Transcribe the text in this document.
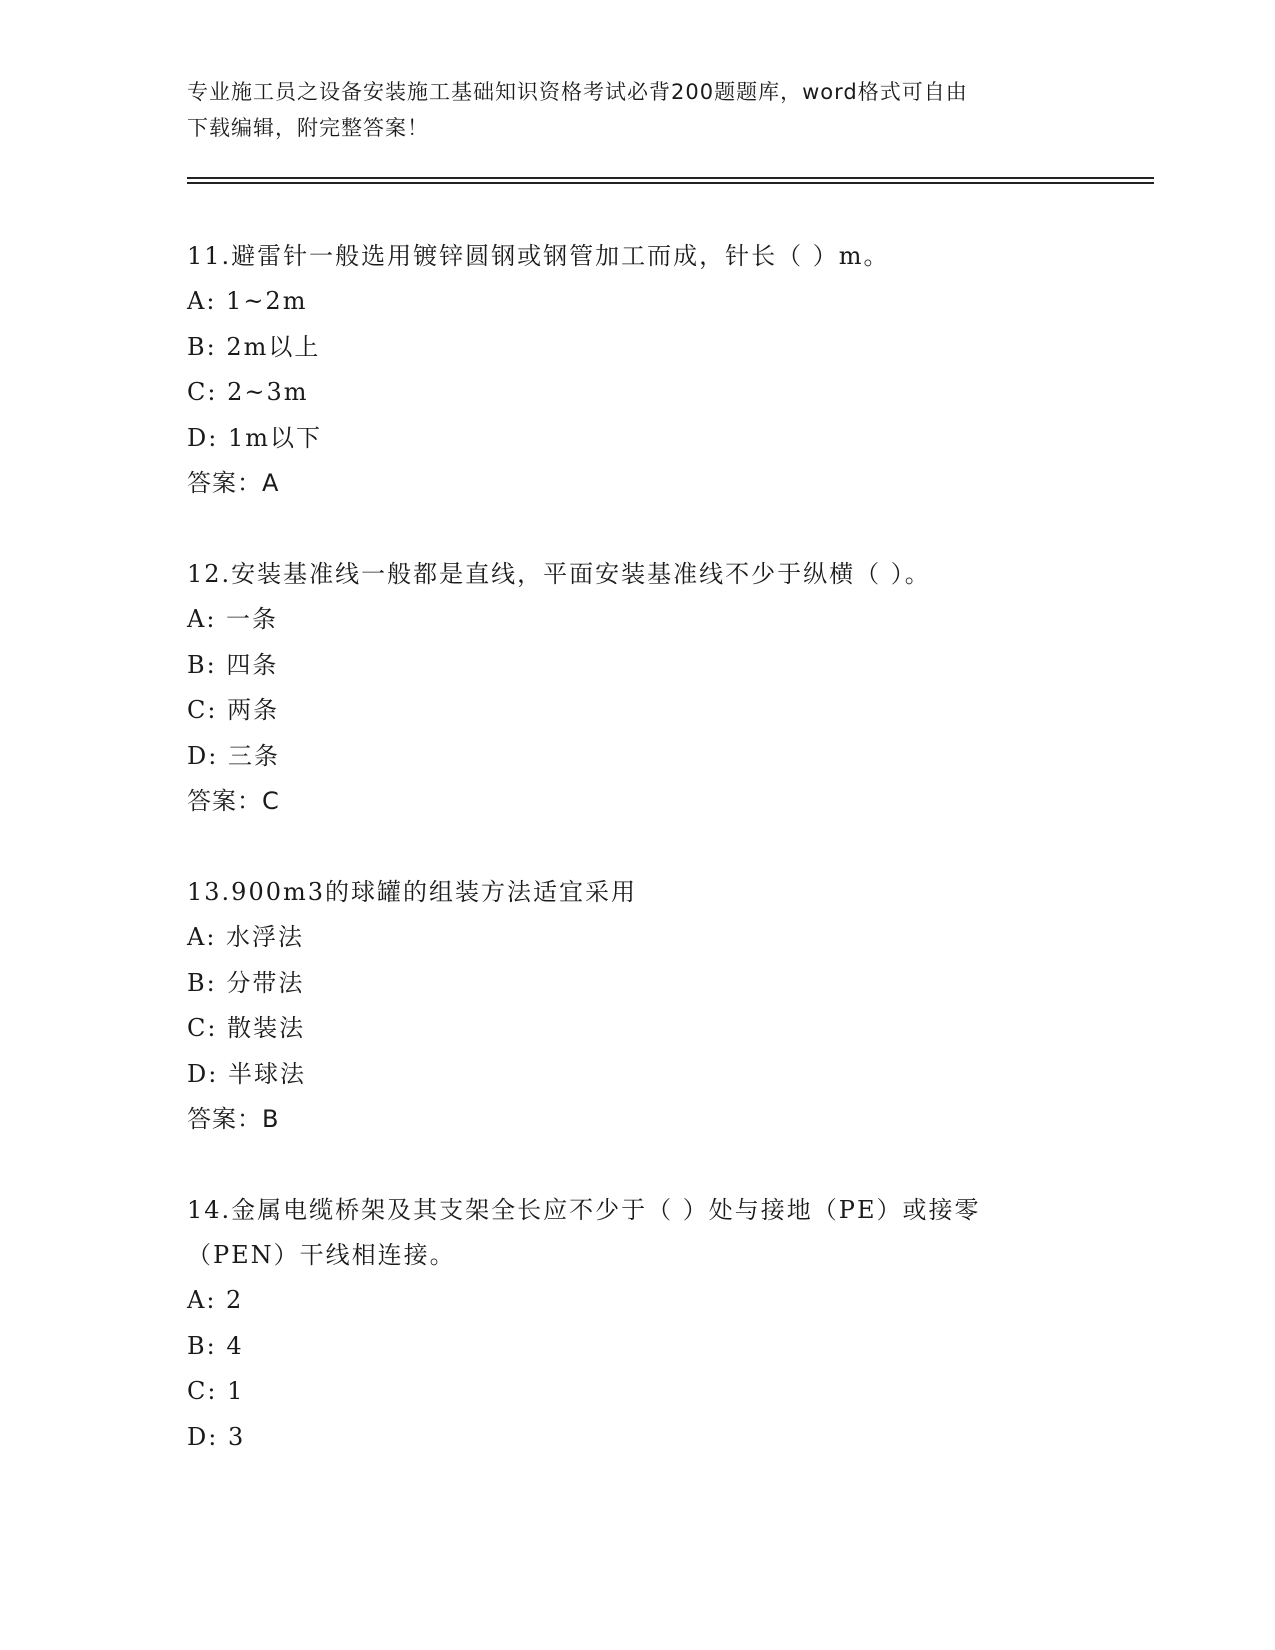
专业施工员之设备安装施工基础知识资格考试必背200题题库，word格式可自由
下载编辑，附完整答案！
11.避雷针一般选用镀锌圆钢或钢管加工而成，针长（ ）m。
A: 1~2m
B: 2m以上
C: 2~3m
D: 1m以下
答案：A
12.安装基准线一般都是直线，平面安装基准线不少于纵横（ ）。
A: 一条
B: 四条
C: 两条
D: 三条
答案：C
13.900m3的球罐的组装方法适宜采用
A: 水浮法
B: 分带法
C: 散装法
D: 半球法
答案：B
14.金属电缆桥架及其支架全长应不少于（ ）处与接地（PE）或接零
（PEN）干线相连接。
A: 2
B: 4
C: 1
D: 3
